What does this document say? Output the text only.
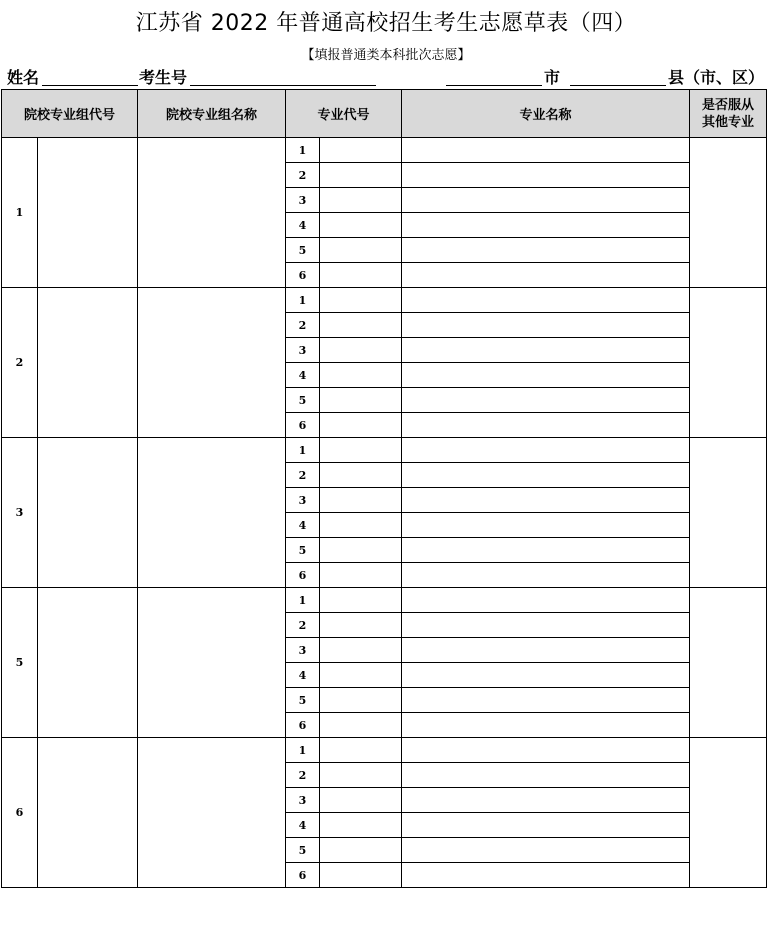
江苏省 2022 年普通高校招生考生志愿草表（四）
【填报普通类本科批次志愿】
姓名	考生号	市	县（市、区）
院校专业组代号		院校专业组名称	专业代号		专业名称	是否服从
其他专业

1			1			
			2			
			3			
			4			
			5			
			6			
2			1			
			2			
			3			
			4			
			5			
			6			
3			1			
			2			
			3			
			4			
			5			
			6			
5			1			
			2			
			3			
			4			
			5			
			6			
6			1			
			2			
			3			
			4			
			5			
			6			
